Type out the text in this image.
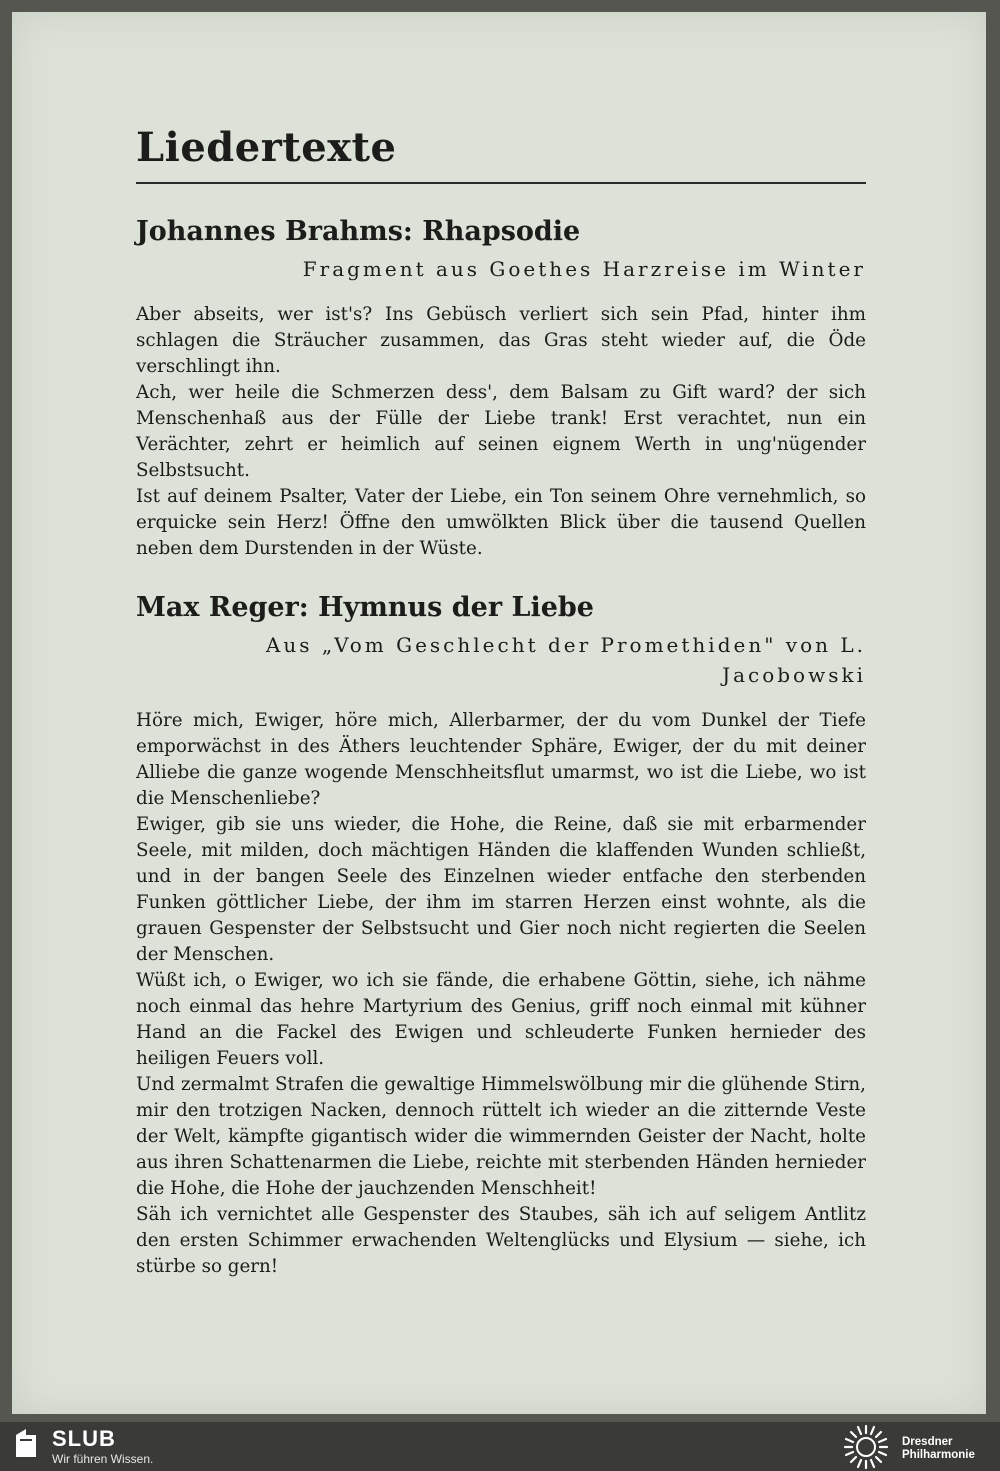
Liedertexte
Johannes Brahms: Rhapsodie
Fragment aus Goethes Harzreise im Winter

Aber abseits, wer ist's? Ins Gebüsch verliert sich sein Pfad, hinter ihm schlagen die Sträucher zusammen, das Gras steht wieder auf, die Öde verschlingt ihn.

Ach, wer heile die Schmerzen dess', dem Balsam zu Gift ward? der sich Menschenhaß aus der Fülle der Liebe trank! Erst verachtet, nun ein Verächter, zehrt er heimlich auf seinen eignem Werth in ung'nügender Selbstsucht.

Ist auf deinem Psalter, Vater der Liebe, ein Ton seinem Ohre vernehmlich, so erquicke sein Herz! Öffne den umwölkten Blick über die tausend Quellen neben dem Durstenden in der Wüste.

Max Reger: Hymnus der Liebe
Aus „Vom Geschlecht der Promethiden" von L. Jacobowski

Höre mich, Ewiger, höre mich, Allerbarmer, der du vom Dunkel der Tiefe emporwächst in des Äthers leuchtender Sphäre, Ewiger, der du mit deiner Alliebe die ganze wogende Menschheitsflut umarmst, wo ist die Liebe, wo ist die Menschenliebe?

Ewiger, gib sie uns wieder, die Hohe, die Reine, daß sie mit erbarmender Seele, mit milden, doch mächtigen Händen die klaffenden Wunden schließt, und in der bangen Seele des Einzelnen wieder entfache den sterbenden Funken göttlicher Liebe, der ihm im starren Herzen einst wohnte, als die grauen Gespenster der Selbstsucht und Gier noch nicht regierten die Seelen der Menschen.

Wüßt ich, o Ewiger, wo ich sie fände, die erhabene Göttin, siehe, ich nähme noch einmal das hehre Martyrium des Genius, griff noch einmal mit kühner Hand an die Fackel des Ewigen und schleuderte Funken hernieder des heiligen Feuers voll.

Und zermalmt Strafen die gewaltige Himmelswölbung mir die glühende Stirn, mir den trotzigen Nacken, dennoch rüttelt ich wieder an die zitternde Veste der Welt, kämpfte gigantisch wider die wimmernden Geister der Nacht, holte aus ihren Schattenarmen die Liebe, reichte mit sterbenden Händen hernieder die Hohe, die Hohe der jauchzenden Menschheit!

Säh ich vernichtet alle Gespenster des Staubes, säh ich auf seligem Antlitz den ersten Schimmer erwachenden Weltenglücks und Elysium — siehe, ich stürbe so gern!

SLUB
Wir führen Wissen.
Dresdner
Philharmonie
